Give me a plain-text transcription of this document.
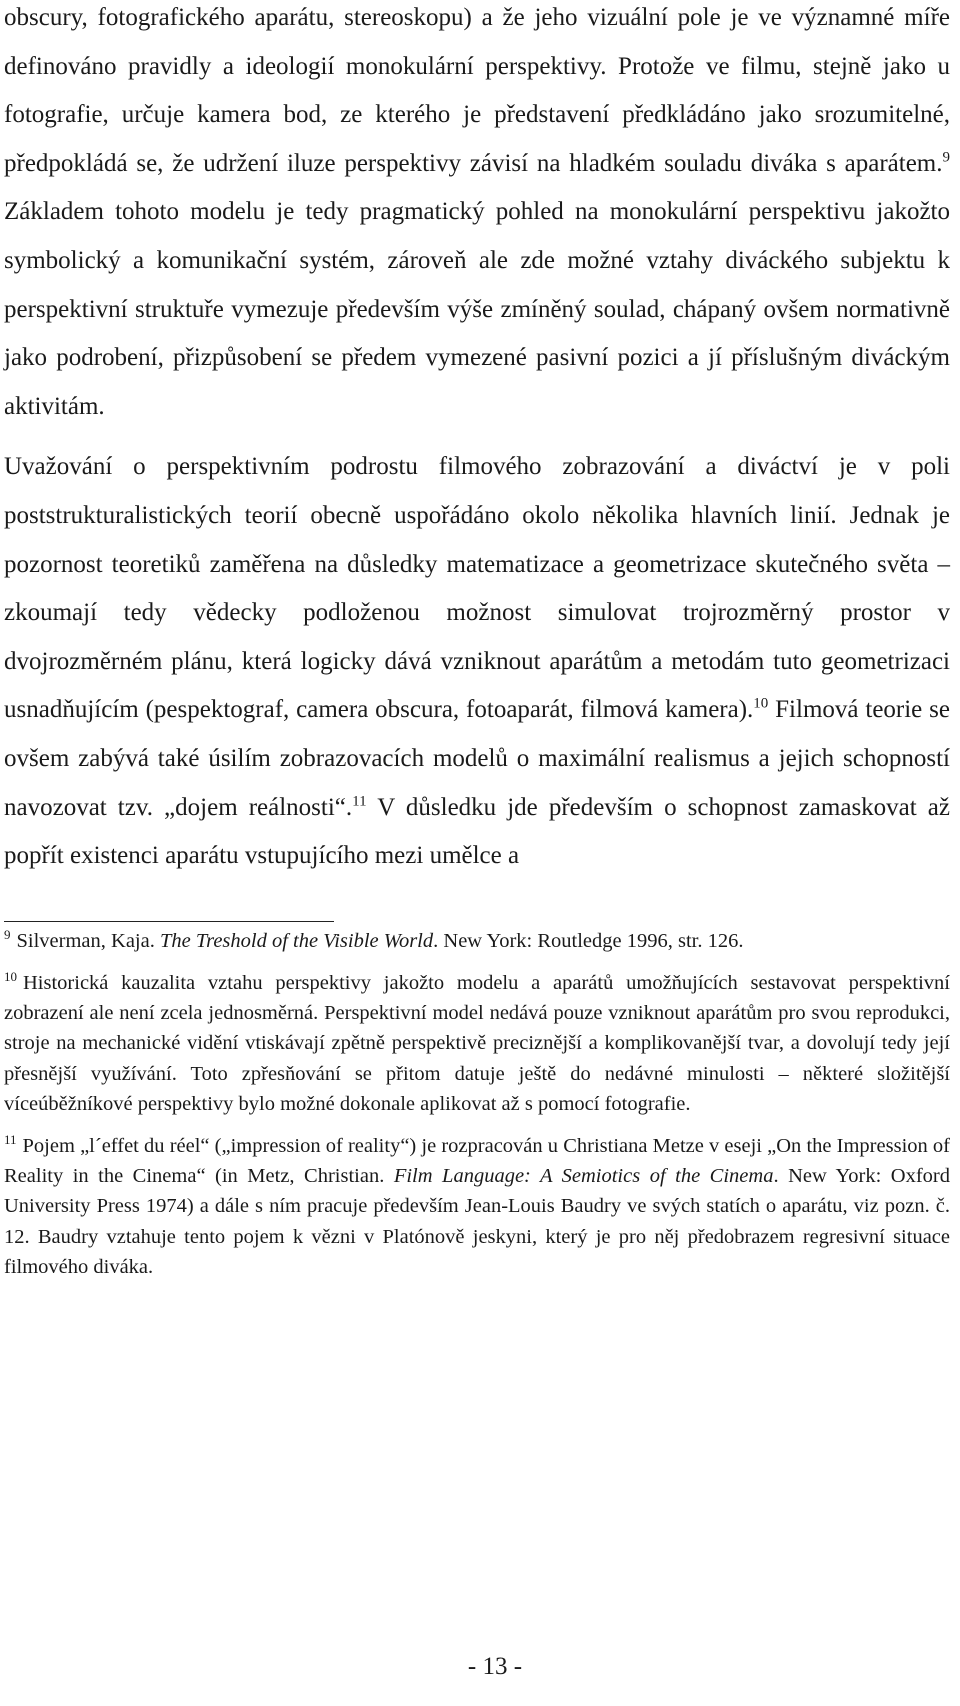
obscury, fotografického aparátu, stereoskopu) a že jeho vizuální pole je ve významné míře definováno pravidly a ideologií monokulární perspektivy. Protože ve filmu, stejně jako u fotografie, určuje kamera bod, ze kterého je představení předkládáno jako srozumitelné, předpokládá se, že udržení iluze perspektivy závisí na hladkém souladu diváka s aparátem.$^9$ Základem tohoto modelu je tedy pragmatický pohled na monokulární perspektivu jakožto symbolický a komunikační systém, zároveň ale zde možné vztahy diváckého subjektu k perspektivní struktuře vymezuje především výše zmíněný soulad, chápaný ovšem normativně jako podrobení, přizpůsobení se předem vymezené pasivní pozici a jí příslušným diváckým aktivitám.

Uvažování o perspektivním podrostu filmového zobrazování a diváctví je v poli poststrukturalistických teorií obecně uspořádáno okolo několika hlavních linií. Jednak je pozornost teoretiků zaměřena na důsledky matematizace a geometrizace skutečného světa – zkoumají tedy vědecky podloženou možnost simulovat trojrozměrný prostor v dvojrozměrném plánu, která logicky dává vzniknout aparátům a metodám tuto geometrizaci usnadňujícím (pespektograf, camera obscura, fotoaparát, filmová kamera).$^{10}$ Filmová teorie se ovšem zabývá také úsilím zobrazovacích modelů o maximální realismus a jejich schopností navozovat tzv. „dojem reálnosti“.$^{11}$ V důsledku jde především o schopnost zamaskovat až popřít existenci aparátu vstupujícího mezi umělce a

$^9$ Silverman, Kaja. The Treshold of the Visible World. New York: Routledge 1996, str. 126.

$^{10}$ Historická kauzalita vztahu perspektivy jakožto modelu a aparátů umožňujících sestavovat perspektivní zobrazení ale není zcela jednosměrná. Perspektivní model nedává pouze vzniknout aparátům pro svou reprodukci, stroje na mechanické vidění vtiskávají zpětně perspektivě preciznější a komplikovanější tvar, a dovolují tedy její přesnější využívání. Toto zpřesňování se přitom datuje ještě do nedávné minulosti – některé složitější víceúběžníkové perspektivy bylo možné dokonale aplikovat až s pomocí fotografie.

$^{11}$ Pojem „l´effet du réel“ („impression of reality“) je rozpracován u Christiana Metze v eseji „On the Impression of Reality in the Cinema“ (in Metz, Christian. Film Language: A Semiotics of the Cinema. New York: Oxford University Press 1974) a dále s ním pracuje především Jean-Louis Baudry ve svých statích o aparátu, viz pozn. č. 12. Baudry vztahuje tento pojem k vězni v Platónově jeskyni, který je pro něj předobrazem regresivní situace filmového diváka.

- 13 -
